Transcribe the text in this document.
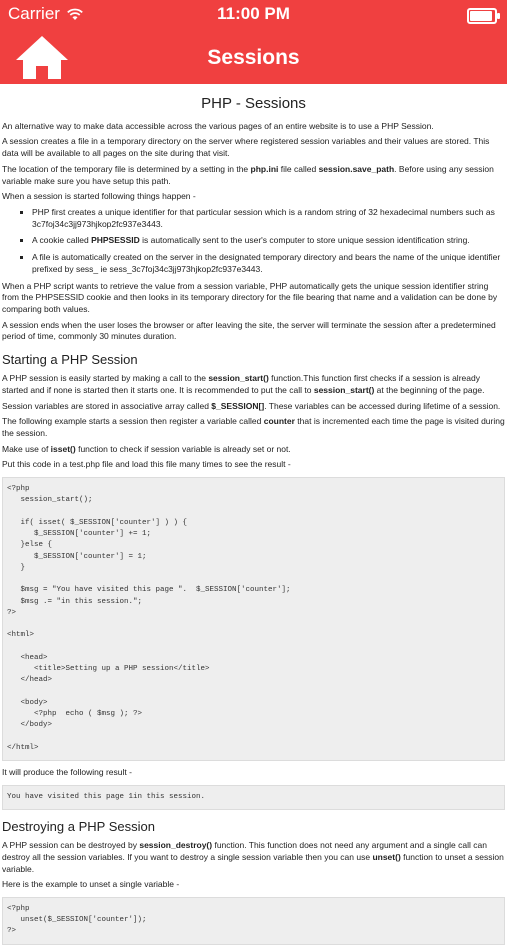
Carrier	11:00 PM
Sessions
PHP - Sessions

An alternative way to make data accessible across the various pages of an entire website is to use a PHP Session.

A session creates a file in a temporary directory on the server where registered session variables and their values are stored. This data will be available to all pages on the site during that visit.

The location of the temporary file is determined by a setting in the php.ini file called session.save_path. Before using any session variable make sure you have setup this path.

When a session is started following things happen -

▪ PHP first creates a unique identifier for that particular session which is a random string of 32 hexadecimal numbers such as 3c7foj34c3jj973hjkop2fc937e3443.
▪ A cookie called PHPSESSID is automatically sent to the user's computer to store unique session identification string.
▪ A file is automatically created on the server in the designated temporary directory and bears the name of the unique identifier prefixed by sess_ ie sess_3c7foj34c3jj973hjkop2fc937e3443.

When a PHP script wants to retrieve the value from a session variable, PHP automatically gets the unique session identifier string from the PHPSESSID cookie and then looks in its temporary directory for the file bearing that name and a validation can be done by comparing both values.

A session ends when the user loses the browser or after leaving the site, the server will terminate the session after a predetermined period of time, commonly 30 minutes duration.

Starting a PHP Session

A PHP session is easily started by making a call to the session_start() function.This function first checks if a session is already started and if none is started then it starts one. It is recommended to put the call to session_start() at the beginning of the page.

Session variables are stored in associative array called $_SESSION[]. These variables can be accessed during lifetime of a session.

The following example starts a session then register a variable called counter that is incremented each time the page is visited during the session.

Make use of isset() function to check if session variable is already set or not.

Put this code in a test.php file and load this file many times to see the result -

<?php
session_start();

if( isset( $_SESSION['counter'] ) ) {
$_SESSION['counter'] += 1;
}else {
$_SESSION['counter'] = 1;
}

$msg = "You have visited this page ".  $_SESSION['counter'];
$msg .= "in this session.";
?>

<html>

<head>
<title>Setting up a PHP session</title>
</head>

<body>
<?php  echo ( $msg ); ?>
</body>

</html>

It will produce the following result -

You have visited this page 1in this session.
Destroying a PHP Session

A PHP session can be destroyed by session_destroy() function. This function does not need any argument and a single call can destroy all the session variables. If you want to destroy a single session variable then you can use unset() function to unset a session variable.

Here is the example to unset a single variable -

<?php
unset($_SESSION['counter']);
?>
